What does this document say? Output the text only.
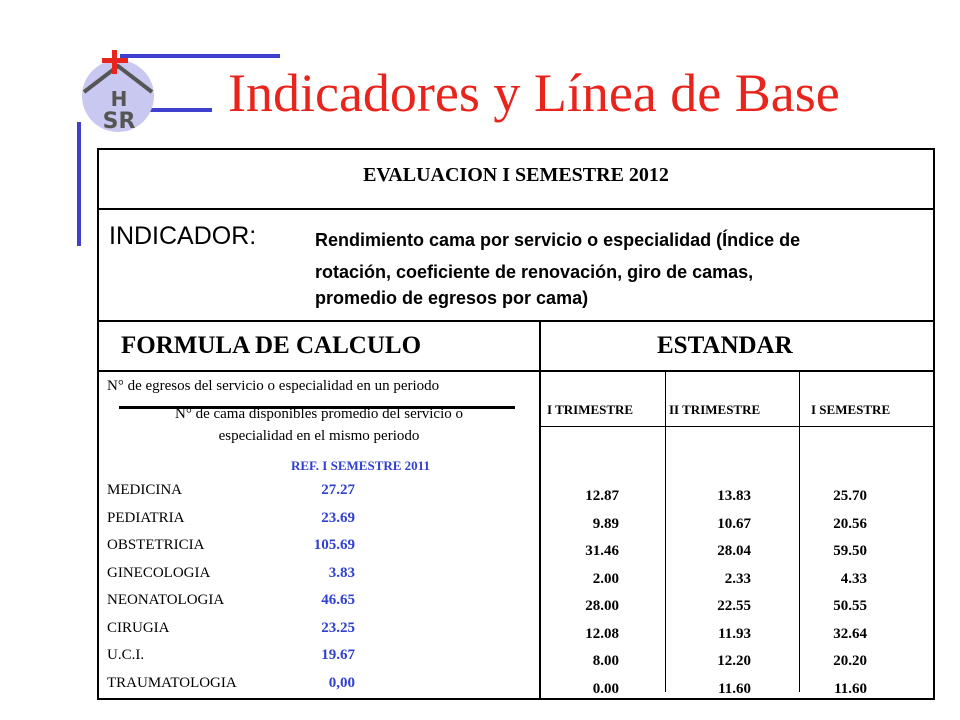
H
SR Indicadores y Línea de Base
EVALUACION I SEMESTRE 2012
INDICADOR:	Rendimiento cama por servicio o especialidad (Índice de
rotación, coeficiente de renovación, giro de camas,
promedio de egresos por cama)
FORMULA DE CALCULO	ESTANDAR
N° de egresos del servicio o especialidad en un periodo
N° de cama disponibles promedio del servicio o
especialidad en el mismo periodo
REF. I SEMESTRE 2011
I TRIMESTRE	II TRIMESTRE	I SEMESTRE
MEDICINA	27.27	12.87	13.83	25.70
PEDIATRIA	23.69	9.89	10.67	20.56
OBSTETRICIA	105.69	31.46	28.04	59.50
GINECOLOGIA	3.83	2.00	2.33	4.33
NEONATOLOGIA	46.65	28.00	22.55	50.55
CIRUGIA	23.25	12.08	11.93	32.64
U.C.I.	19.67	8.00	12.20	20.20
TRAUMATOLOGIA	0,00	0.00	11.60	11.60
